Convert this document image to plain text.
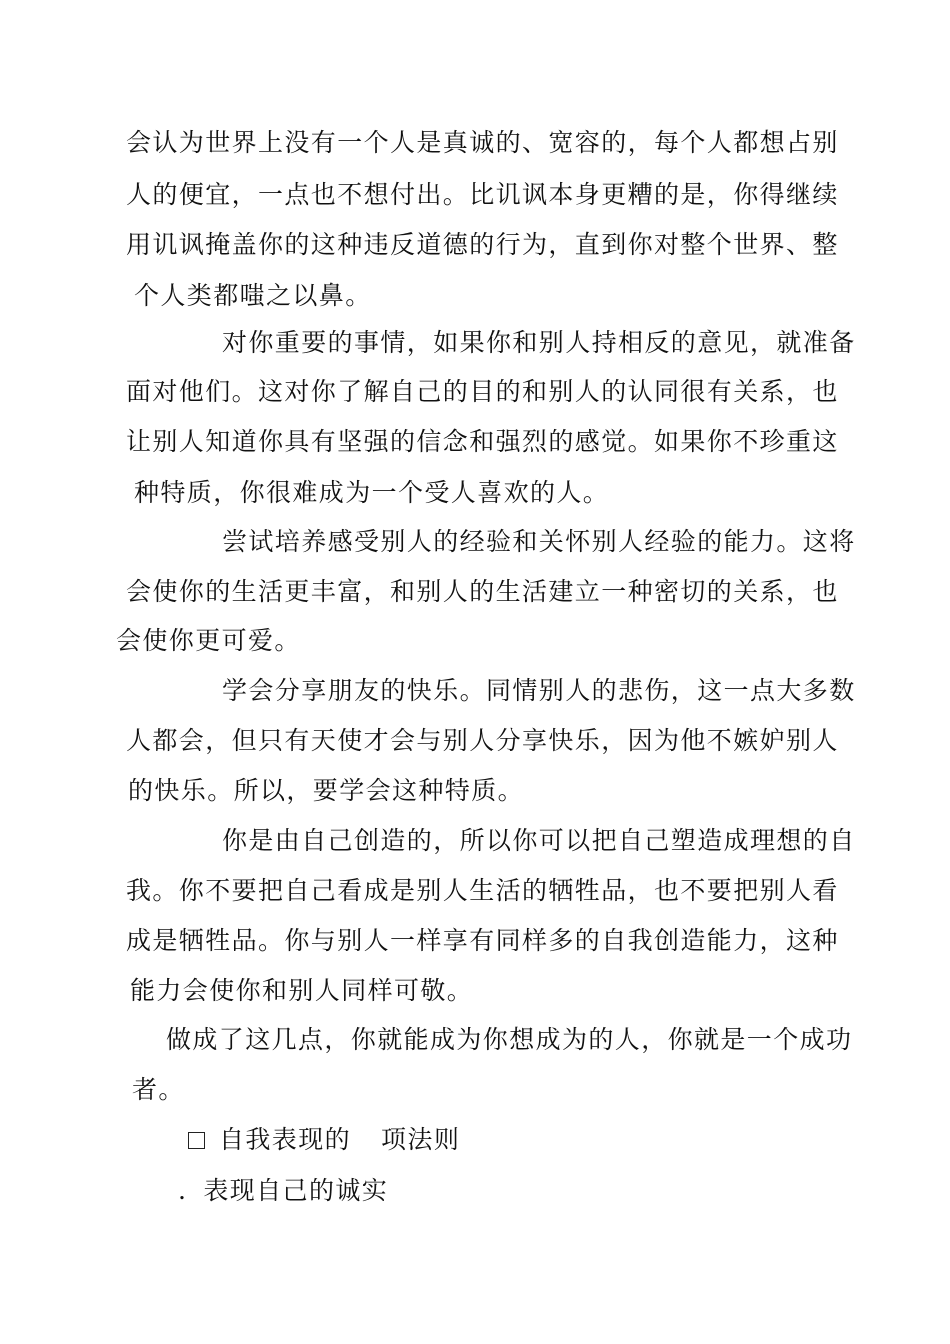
会认为世界上没有一个人是真诚的、宽容的，每个人都想占别
人的便宜，一点也不想付出。比讥讽本身更糟的是，你得继续
用讥讽掩盖你的这种违反道德的行为，直到你对整个世界、整
个人类都嗤之以鼻。
对你重要的事情，如果你和别人持相反的意见，就准备
面对他们。这对你了解自己的目的和别人的认同很有关系，也
让别人知道你具有坚强的信念和强烈的感觉。如果你不珍重这
种特质，你很难成为一个受人喜欢的人。
尝试培养感受别人的经验和关怀别人经验的能力。这将
会使你的生活更丰富，和别人的生活建立一种密切的关系，也
会使你更可爱。
学会分享朋友的快乐。同情别人的悲伤，这一点大多数
人都会，但只有天使才会与别人分享快乐，因为他不嫉妒别人
的快乐。所以，要学会这种特质。
你是由自己创造的，所以你可以把自己塑造成理想的自
我。你不要把自己看成是别人生活的牺牲品，也不要把别人看
成是牺牲品。你与别人一样享有同样多的自我创造能力，这种
能力会使你和别人同样可敬。
做成了这几点，你就能成为你想成为的人，你就是一个成功
者。
自我表现的 项法则
. 表现自己的诚实
